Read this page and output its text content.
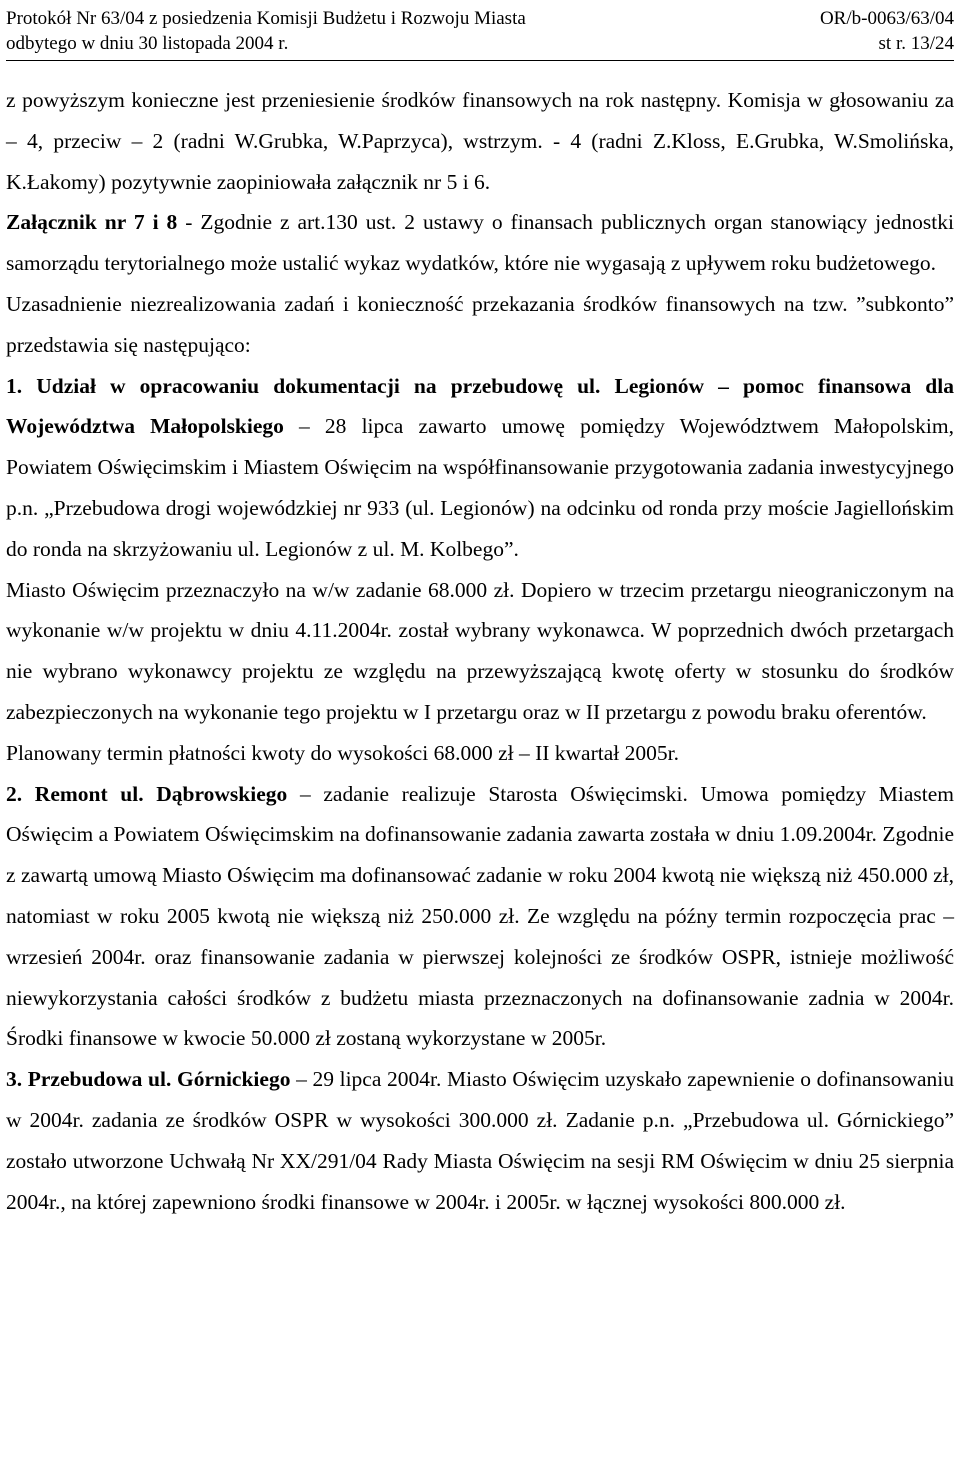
Protokół Nr 63/04 z posiedzenia Komisji Budżetu i Rozwoju Miasta	OR/b-0063/63/04
odbytego w dniu 30 listopada 2004 r.	st r. 13/24

z powyższym konieczne jest przeniesienie środków finansowych na rok następny. Komisja w głosowaniu za – 4, przeciw – 2 (radni W.Grubka, W.Paprzyca), wstrzym. - 4 (radni Z.Kloss, E.Grubka, W.Smolińska, K.Łakomy) pozytywnie zaopiniowała załącznik nr 5 i 6.

Załącznik nr 7 i 8 - Zgodnie z art.130 ust. 2 ustawy o finansach publicznych organ stanowiący jednostki samorządu terytorialnego może ustalić wykaz wydatków, które nie wygasają z upływem roku budżetowego.

Uzasadnienie niezrealizowania zadań i konieczność przekazania środków finansowych na tzw. ”subkonto” przedstawia się następująco:

1. Udział w opracowaniu dokumentacji na przebudowę ul. Legionów – pomoc finansowa dla Województwa Małopolskiego – 28 lipca zawarto umowę pomiędzy Województwem Małopolskim, Powiatem Oświęcimskim i Miastem Oświęcim na współfinansowanie przygotowania zadania inwestycyjnego p.n. „Przebudowa drogi wojewódzkiej nr 933 (ul. Legionów) na odcinku od ronda przy moście Jagiellońskim do ronda na skrzyżowaniu ul. Legionów z ul. M. Kolbego”.

Miasto Oświęcim przeznaczyło na w/w zadanie 68.000 zł. Dopiero w trzecim przetargu nieograniczonym na wykonanie w/w projektu w dniu 4.11.2004r. został wybrany wykonawca. W poprzednich dwóch przetargach nie wybrano wykonawcy projektu ze względu na przewyższającą kwotę oferty w stosunku do środków zabezpieczonych na wykonanie tego projektu w I przetargu oraz w II przetargu z powodu braku oferentów.

Planowany termin płatności kwoty do wysokości 68.000 zł – II kwartał 2005r.

2. Remont ul. Dąbrowskiego – zadanie realizuje Starosta Oświęcimski. Umowa pomiędzy Miastem Oświęcim a Powiatem Oświęcimskim na dofinansowanie zadania zawarta została w dniu 1.09.2004r. Zgodnie z zawartą umową Miasto Oświęcim ma dofinansować zadanie w roku 2004 kwotą nie większą niż 450.000 zł, natomiast w roku 2005 kwotą nie większą niż 250.000 zł. Ze względu na późny termin rozpoczęcia prac – wrzesień 2004r. oraz finansowanie zadania w pierwszej kolejności ze środków OSPR, istnieje możliwość niewykorzystania całości środków z budżetu miasta przeznaczonych na dofinansowanie zadnia w 2004r. Środki finansowe w kwocie 50.000 zł zostaną wykorzystane w 2005r.

3. Przebudowa ul. Górnickiego – 29 lipca 2004r. Miasto Oświęcim uzyskało zapewnienie o dofinansowaniu w 2004r. zadania ze środków OSPR w wysokości 300.000 zł. Zadanie p.n. „Przebudowa ul. Górnickiego” zostało utworzone Uchwałą Nr XX/291/04 Rady Miasta Oświęcim na sesji RM Oświęcim w dniu 25 sierpnia 2004r., na której zapewniono środki finansowe w 2004r. i 2005r. w łącznej wysokości 800.000 zł.
